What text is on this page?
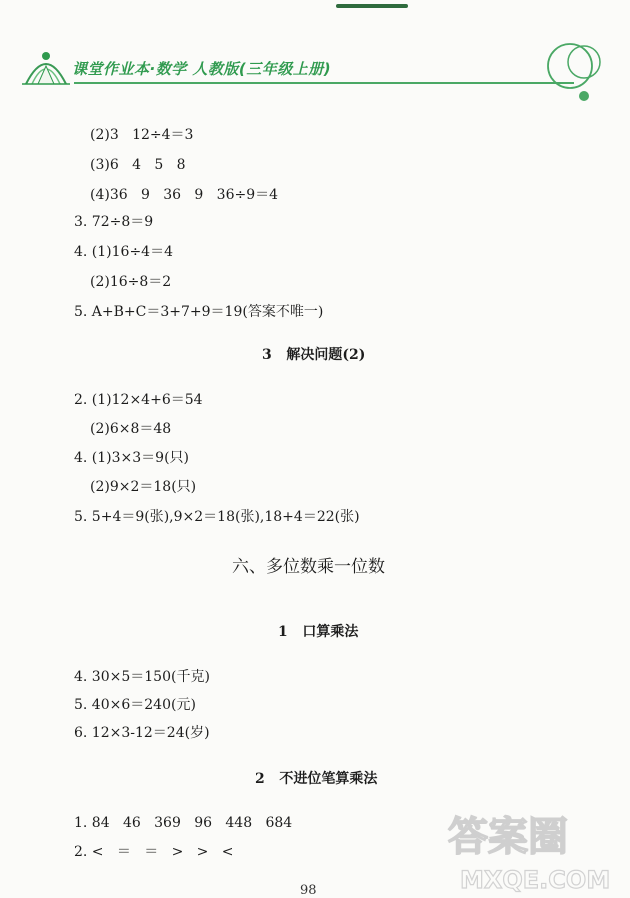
课堂作业本·数学 人教版(三年级上册)
(2)3   12÷4＝3
(3)6   4   5   8
(4)36   9   36   9   36÷9＝4
3. 72÷8＝9
4. (1)16÷4＝4
(2)16÷8＝2
5. A+B+C＝3+7+9＝19(答案不唯一)
3   解决问题(2)
2. (1)12×4+6＝54
(2)6×8＝48
4. (1)3×3＝9(只)
(2)9×2＝18(只)
5. 5+4＝9(张),9×2＝18(张),18+4＝22(张)
六、多位数乘一位数
1   口算乘法
4. 30×5＝150(千克)
5. 40×6＝240(元)
6. 12×3-12＝24(岁)
2   不进位笔算乘法
1. 84   46   369   96   448   684
2. <   ＝   ＝   >   >   <
98
答案圈
MXQE.COM
